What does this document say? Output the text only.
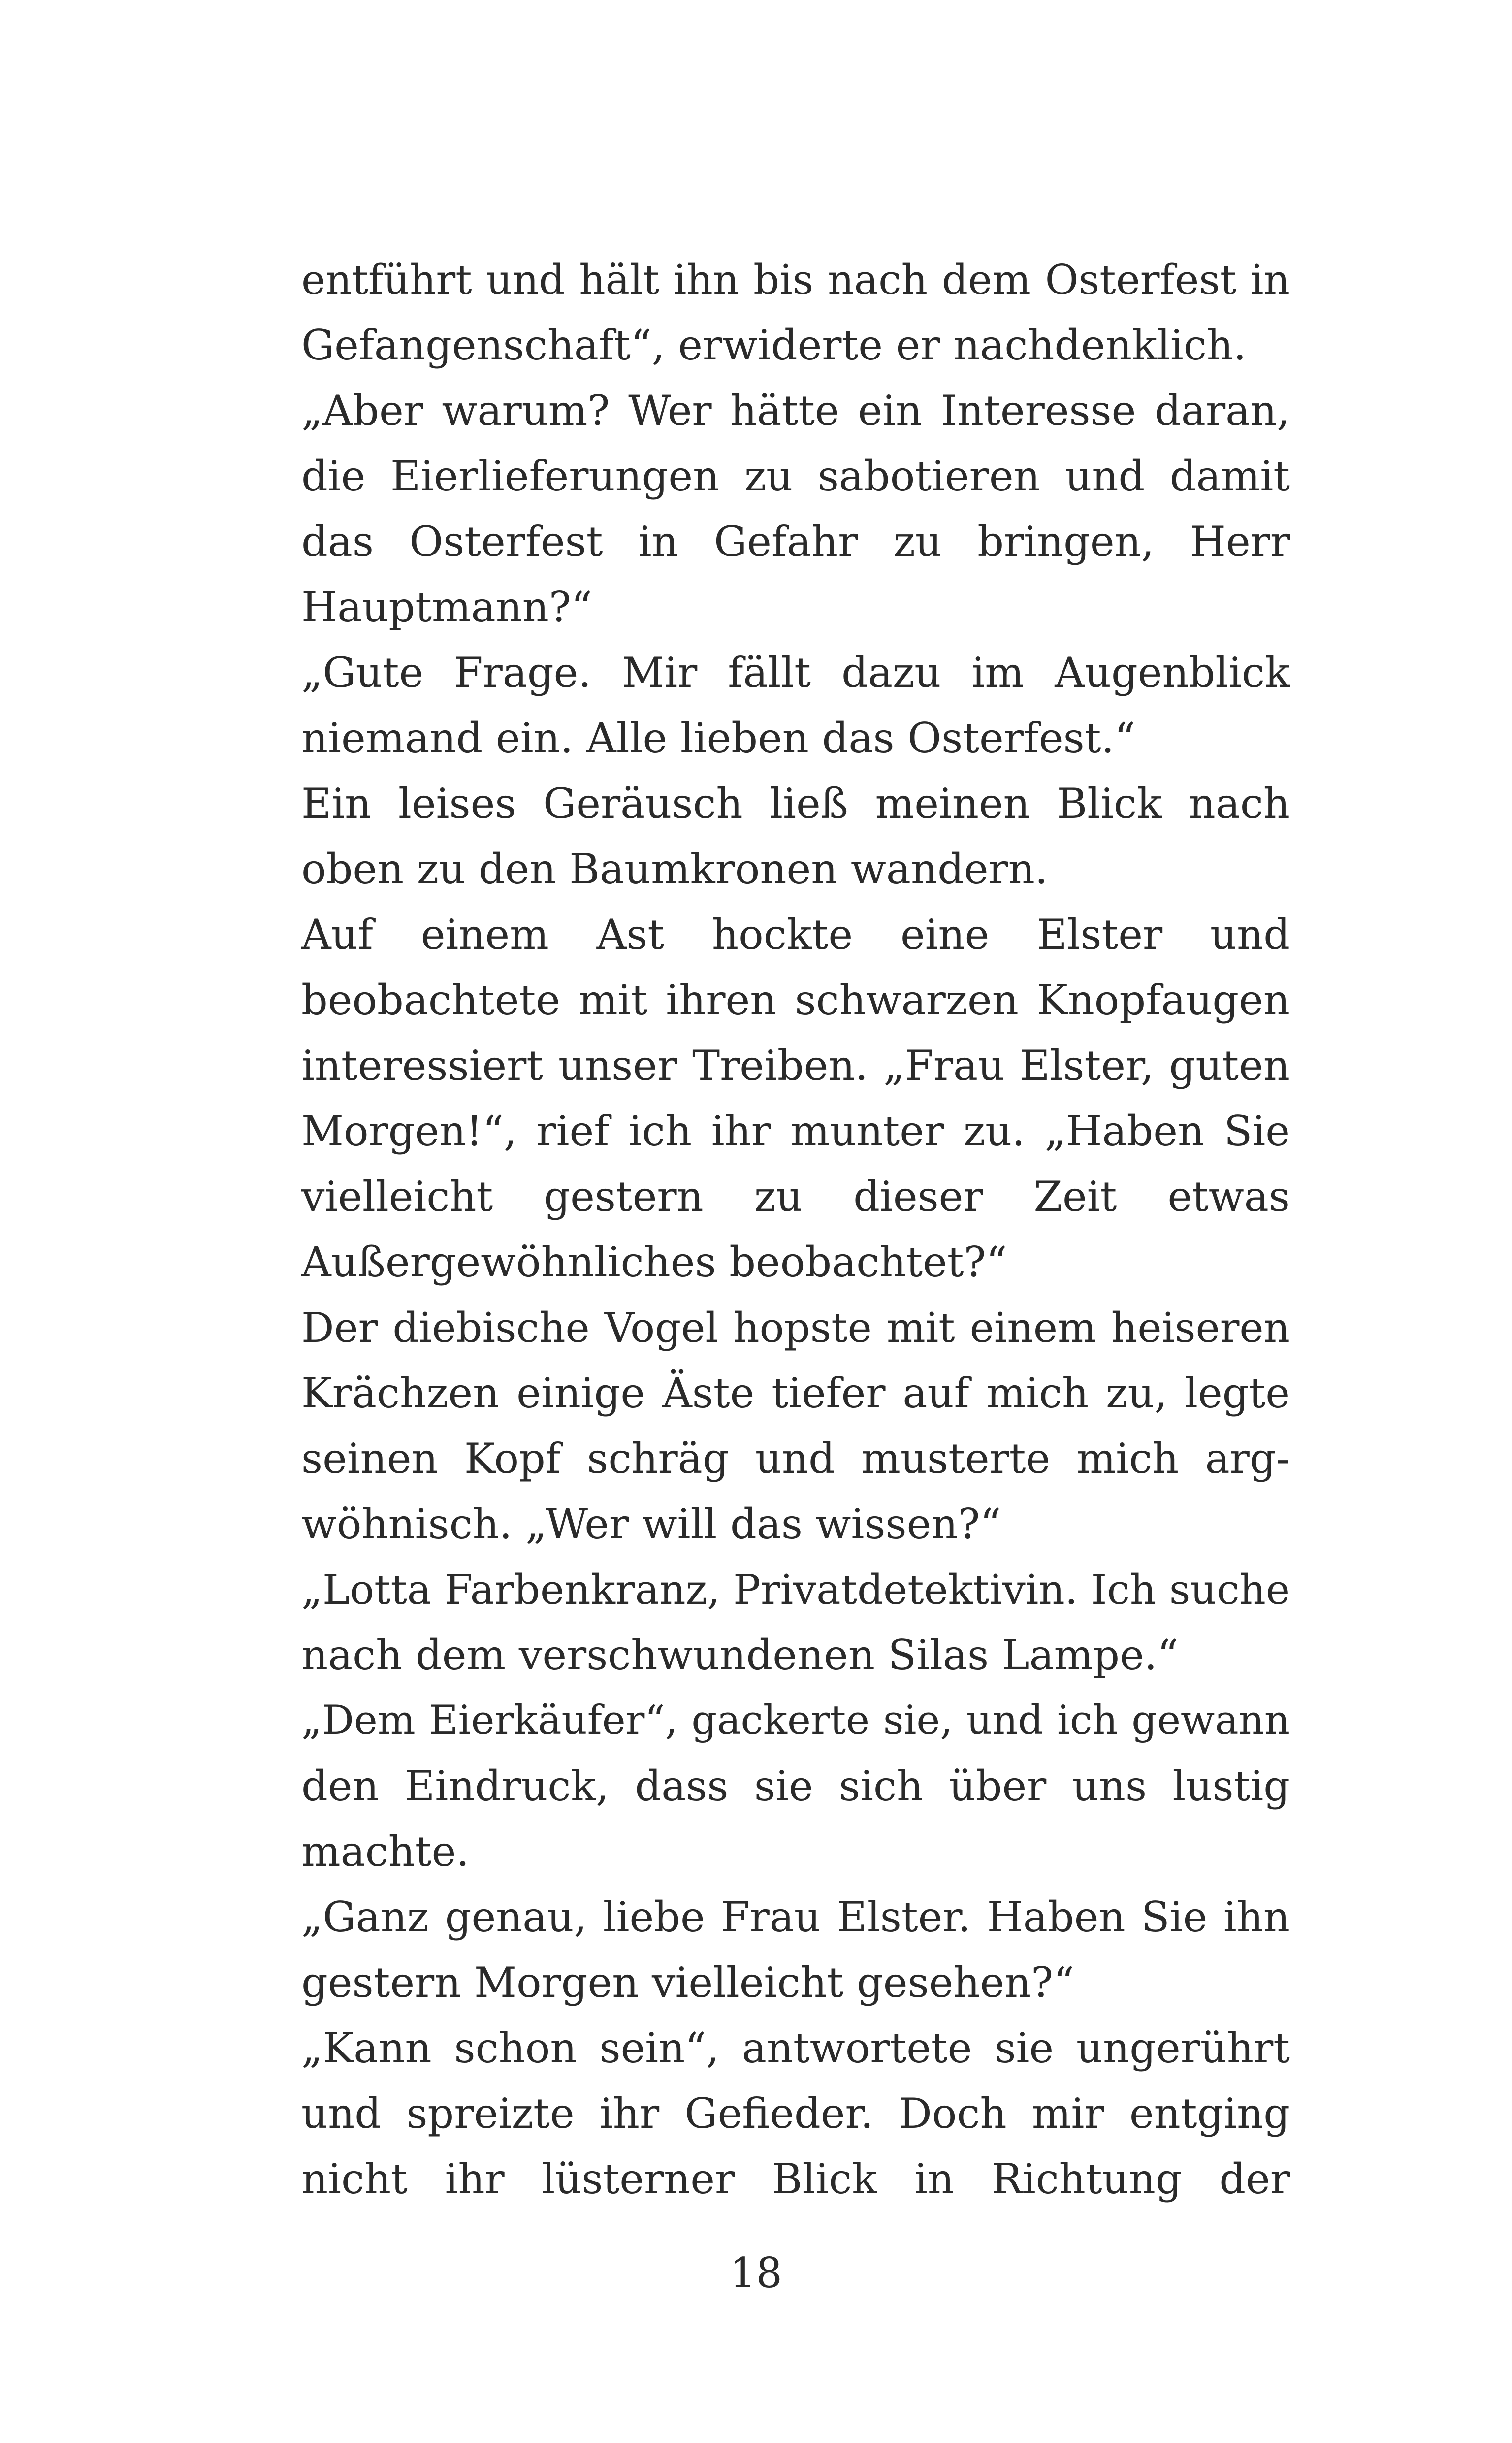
entführt und hält ihn bis nach dem Osterfest in
Gefangenschaft“, erwiderte er nachdenklich.
„Aber warum? Wer hätte ein Interesse daran,
die Eierlieferungen zu sabotieren und damit
das Osterfest in Gefahr zu bringen, Herr
Hauptmann?“
„Gute Frage. Mir fällt dazu im Augenblick
niemand ein. Alle lieben das Osterfest.“
Ein leises Geräusch ließ meinen Blick nach
oben zu den Baumkronen wandern.
Auf einem Ast hockte eine Elster und
beobachtete mit ihren schwarzen Knopfaugen
interessiert unser Treiben. „Frau Elster, guten
Morgen!“, rief ich ihr munter zu. „Haben Sie
vielleicht gestern zu dieser Zeit etwas
Außergewöhnliches beobachtet?“
Der diebische Vogel hopste mit einem heiseren
Krächzen einige Äste tiefer auf mich zu, legte
seinen Kopf schräg und musterte mich arg-
wöhnisch. „Wer will das wissen?“
„Lotta Farbenkranz, Privatdetektivin. Ich suche
nach dem verschwundenen Silas Lampe.“
„Dem Eierkäufer“, gackerte sie, und ich gewann
den Eindruck, dass sie sich über uns lustig
machte.
„Ganz genau, liebe Frau Elster. Haben Sie ihn
gestern Morgen vielleicht gesehen?“
„Kann schon sein“, antwortete sie ungerührt
und spreizte ihr Gefieder. Doch mir entging
nicht ihr lüsterner Blick in Richtung der
18
